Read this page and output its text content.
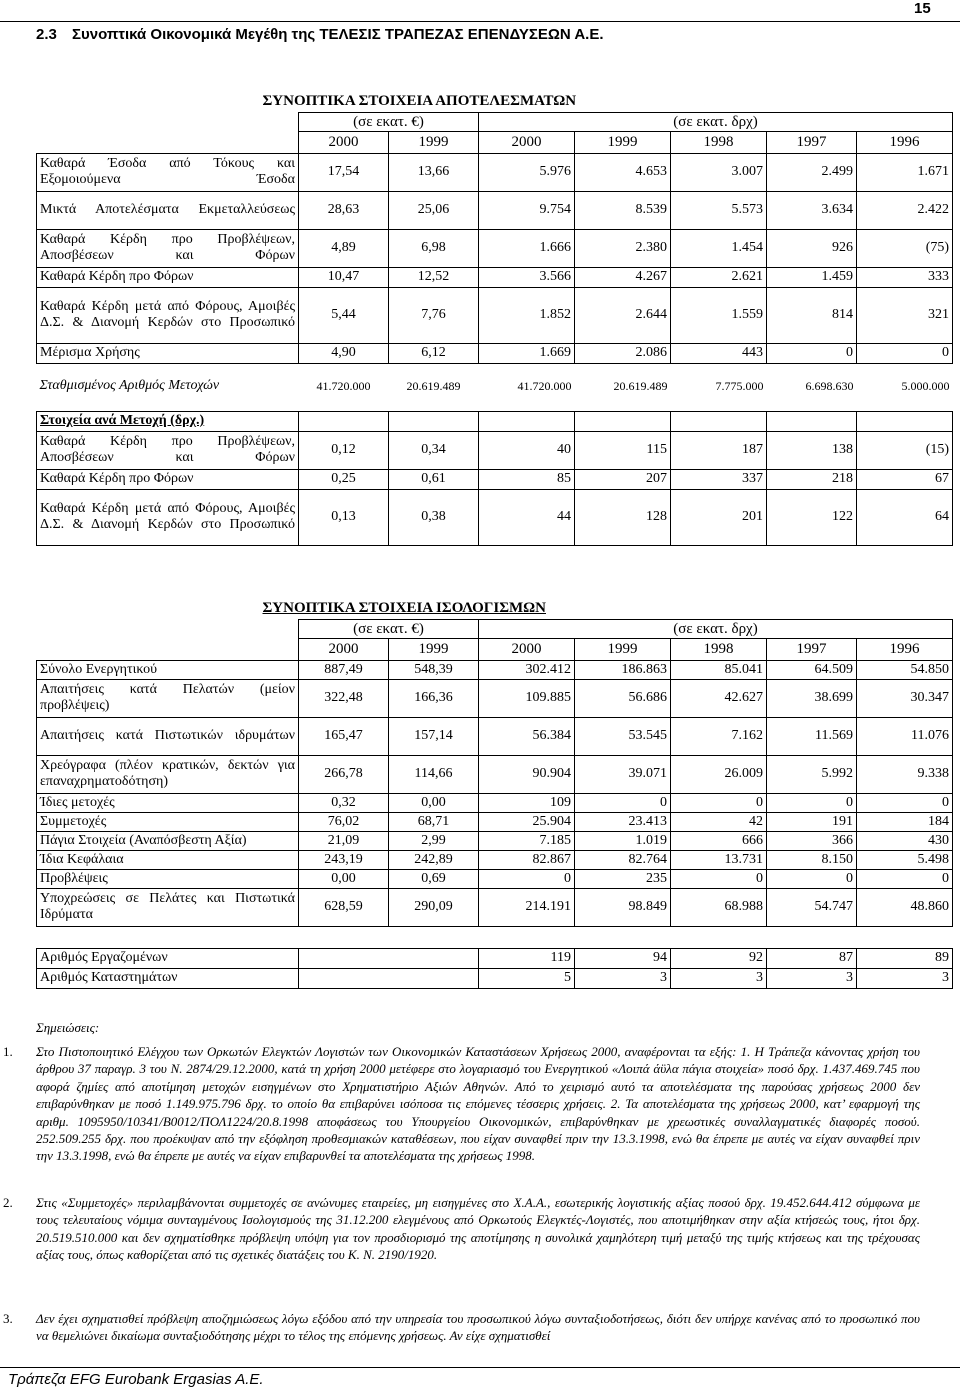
15
2.3 Συνοπτικά Οικονομικά Μεγέθη της ΤΕΛΕΣΙΣ ΤΡΑΠΕΖΑΣ ΕΠΕΝΔΥΣΕΩΝ Α.Ε.
	ΣΥΝΟΠΤΙΚΑ ΣΤΟΙΧΕΙΑ ΑΠΟΤΕΛΕΣΜΑΤΩΝ	
	(σε εκατ. €)	(σε εκατ. δρχ)
	2000	1999	2000	1999	1998	1997	1996
Καθαρά Έσοδα από Τόκους και Εξομοιούμενα Έσοδα	17,54	13,66	5.976	4.653	3.007	2.499	1.671
Μικτά Αποτελέσματα Εκμεταλλεύσεως	28,63	25,06	9.754	8.539	5.573	3.634	2.422
Καθαρά Κέρδη προ Προβλέψεων, Αποσβέσεων και Φόρων	4,89	6,98	1.666	2.380	1.454	926	(75)
Καθαρά Κέρδη προ Φόρων	10,47	12,52	3.566	4.267	2.621	1.459	333
Καθαρά Κέρδη μετά από Φόρους, Αμοιβές Δ.Σ. & Διανομή Κερδών στο Προσωπικό	5,44	7,76	1.852	2.644	1.559	814	321
Μέρισμα Χρήσης	4,90	6,12	1.669	2.086	443	0	0

Σταθμισμένος Αριθμός Μετοχών	41.720.000	20.619.489	41.720.000	20.619.489	7.775.000	6.698.630	5.000.000

Στοιχεία ανά Μετοχή (δρχ.)							
Καθαρά Κέρδη προ Προβλέψεων, Αποσβέσεων και Φόρων	0,12	0,34	40	115	187	138	(15)
Καθαρά Κέρδη προ Φόρων	0,25	0,61	85	207	337	218	67
Καθαρά Κέρδη μετά από Φόρους, Αμοιβές Δ.Σ. & Διανομή Κερδών στο Προσωπικό	0,13	0,38	44	128	201	122	64
	ΣΥΝΟΠΤΙΚΑ ΣΤΟΙΧΕΙΑ ΙΣΟΛΟΓΙΣΜΩΝ	
	(σε εκατ. €)	(σε εκατ. δρχ)
	2000	1999	2000	1999	1998	1997	1996
Σύνολο Ενεργητικού	887,49	548,39	302.412	186.863	85.041	64.509	54.850
Απαιτήσεις κατά Πελατών (μείον προβλέψεις)	322,48	166,36	109.885	56.686	42.627	38.699	30.347
Απαιτήσεις κατά Πιστωτικών ιδρυμάτων	165,47	157,14	56.384	53.545	7.162	11.569	11.076
Χρεόγραφα (πλέον κρατικών, δεκτών για επαναχρηματοδότηση)	266,78	114,66	90.904	39.071	26.009	5.992	9.338
Ίδιες μετοχές	0,32	0,00	109	0	0	0	0
Συμμετοχές	76,02	68,71	25.904	23.413	42	191	184
Πάγια Στοιχεία (Αναπόσβεστη Αξία)	21,09	2,99	7.185	1.019	666	366	430
Ίδια Κεφάλαια	243,19	242,89	82.867	82.764	13.731	8.150	5.498
Προβλέψεις	0,00	0,69	0	235	0	0	0
Υποχρεώσεις σε Πελάτες και Πιστωτικά Ιδρύματα	628,59	290,09	214.191	98.849	68.988	54.747	48.860

Αριθμός Εργαζομένων		119	94	92	87	89
Αριθμός Καταστημάτων		5	3	3	3	3
Σημειώσεις:
1. Στο Πιστοποιητικό Ελέγχου των Ορκωτών Ελεγκτών Λογιστών των Οικονομικών Καταστάσεων Χρήσεως 2000, αναφέρονται τα εξής: 1. Η Τράπεζα κάνοντας χρήση του άρθρου 37 παραγρ. 3 του Ν. 2874/29.12.2000, κατά τη χρήση 2000 μετέφερε στο λογαριασμό του Ενεργητικού «Λοιπά άϋλα πάγια στοιχεία» ποσό δρχ. 1.437.469.745 που αφορά ζημίες από αποτίμηση μετοχών εισηγμένων στο Χρηματιστήριο Αξιών Αθηνών. Από το χειρισμό αυτό τα αποτελέσματα της παρούσας χρήσεως 2000 δεν επιβαρύνθηκαν με ποσό 1.149.975.796 δρχ. το οποίο θα επιβαρύνει ισόποσα τις επόμενες τέσσερις χρήσεις. 2. Τα αποτελέσματα της χρήσεως 2000, κατ’ εφαρμογή της αριθμ. 1095950/10341/Β0012/ΠΟΛ1224/20.8.1998 αποφάσεως του Υπουργείου Οικονομικών, επιβαρύνθηκαν με χρεωστικές συναλλαγματικές διαφορές ποσού. 252.509.255 δρχ. που προέκυψαν από την εξόφληση προθεσμιακών καταθέσεων, που είχαν συναφθεί πριν την 13.3.1998, ενώ θα έπρεπε με αυτές να είχαν συναφθεί πριν την 13.3.1998, ενώ θα έπρεπε με αυτές να είχαν επιβαρυνθεί τα αποτελέσματα της χρήσεως 1998.
2. Στις «Συμμετοχές» περιλαμβάνονται συμμετοχές σε ανώνυμες εταιρείες, μη εισηγμένες στο Χ.Α.Α., εσωτερικής λογιστικής αξίας ποσού δρχ. 19.452.644.412 σύμφωνα με τους τελευταίους νόμιμα συνταγμένους Ισολογισμούς της 31.12.200 ελεγμένους από Ορκωτούς Ελεγκτές-Λογιστές, που αποτιμήθηκαν στην αξία κτήσεώς τους, ήτοι δρχ. 20.519.510.000 και δεν σχηματίσθηκε πρόβλεψη υπόψη για τον προσδιορισμό της αποτίμησης η συνολικά χαμηλότερη τιμή μεταξύ της τιμής κτήσεως και της τρέχουσας αξίας τους, όπως καθορίζεται από τις σχετικές διατάξεις του Κ. Ν. 2190/1920.
3. Δεν έχει σχηματισθεί πρόβλεψη αποζημιώσεως λόγω εξόδου από την υπηρεσία του προσωπικού λόγω συνταξιοδοτήσεως, διότι δεν υπήρχε κανένας από το προσωπικό που να θεμελιώνει δικαίωμα συνταξιοδότησης μέχρι το τέλος της επόμενης χρήσεως. Αν είχε σχηματισθεί
Τράπεζα EFG Eurobank Ergasias A.E.
